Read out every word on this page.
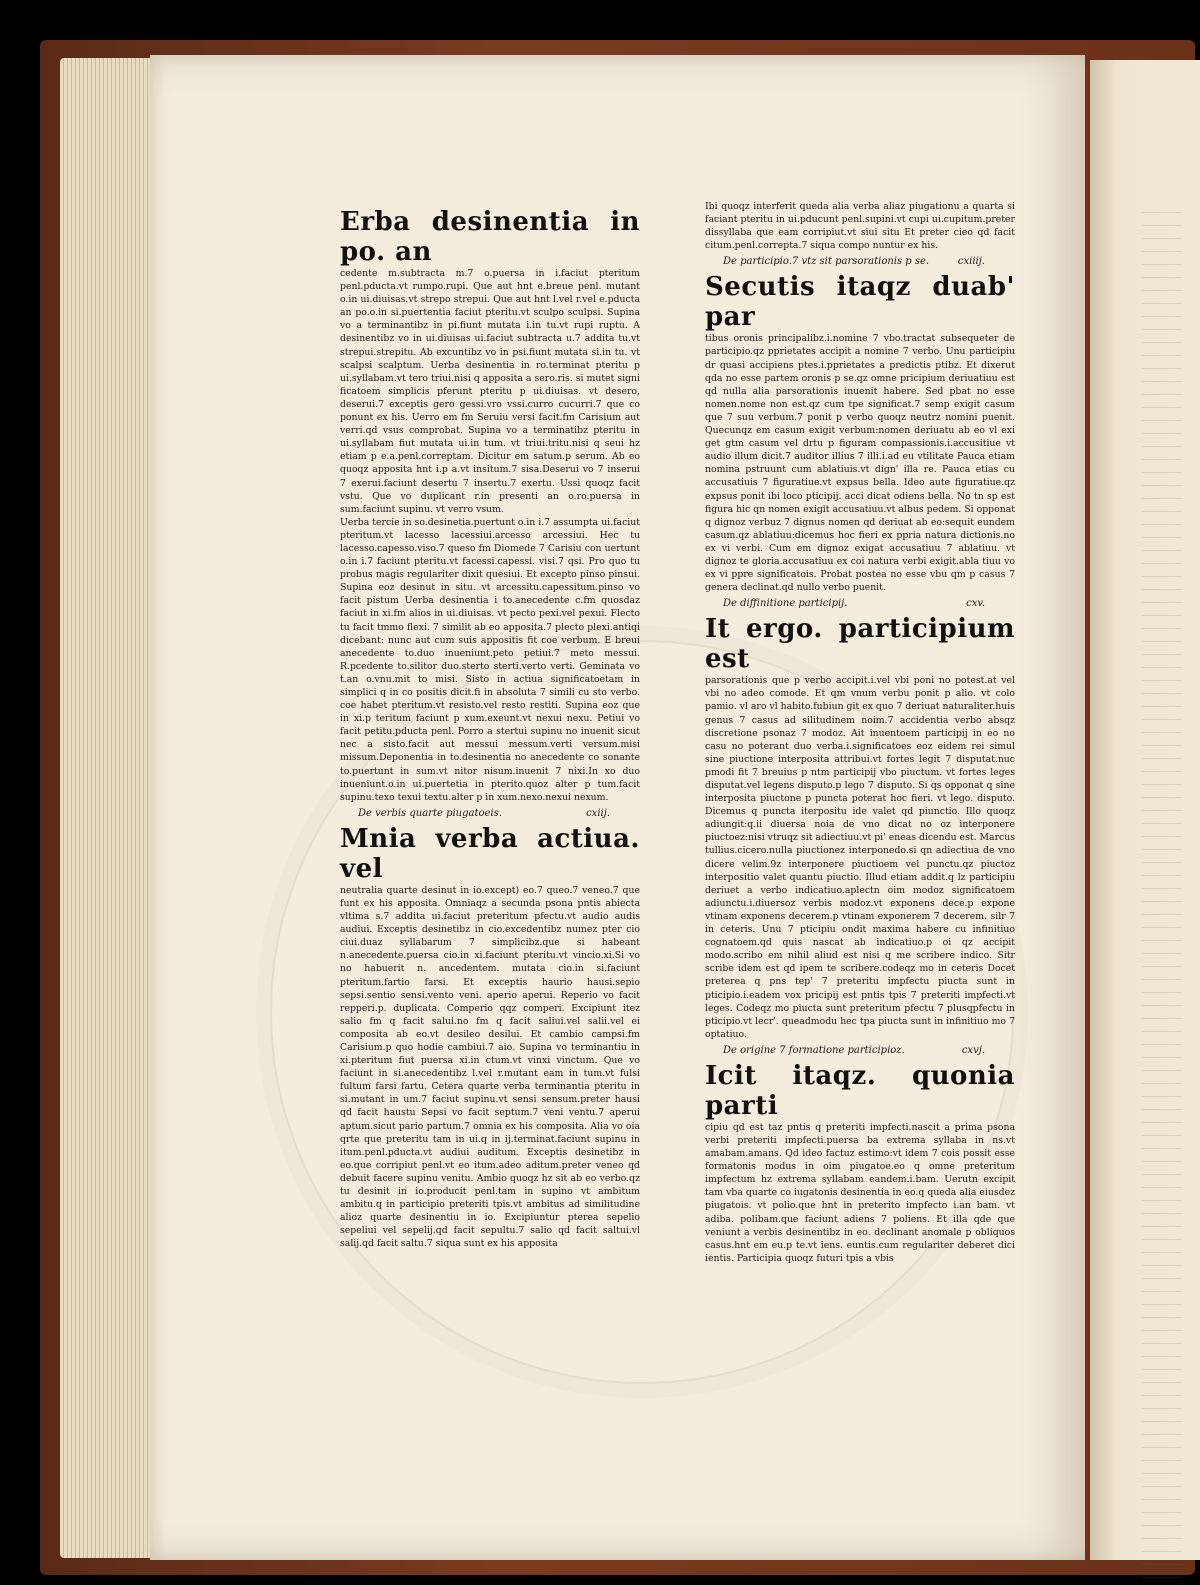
Erba desinentia in po. an

cedente m.subtracta m.7 o.puersa in i.faciut pteritum penl.pducta.vt rumpo.rupi. Que aut hnt e.breue penl. mutant o.in ui.diuisas.vt strepo strepui. Que aut hnt l.vel r.vel e.pducta an po.o.in si.puertentia faciut pteritu.vt sculpo sculpsi. Supina vo a terminantibz in pi.fiunt mutata i.in tu.vt rupi ruptu. A desinentibz vo in ui.diuisas ui.faciut subtracta u.7 addita tu.vt strepui.strepitu. Ab excuntibz vo in psi.fiunt mutata si.in tu. vt scalpsi scalptum. Uerba desinentia in ro.terminat pteritu p ui.syllabam.vt tero triui.nisi q apposita a sero.ris. si mutet signi ficatoem simplicis pferunt pteritu p ui.diuisas. vt desero, deserui.7 exceptis gero gessi.vro vssi.curro cucurri.7 que co ponunt ex his. Uerro em fm Seruiu versi facit.fm Carisium aut verri.qd vsus comprobat. Supina vo a terminatibz pteritu in ui.syllabam fiut mutata ui.in tum. vt triui.tritu.nisi q seui hz etiam p e.a.penl.correptam. Dicitur em satum.p serum. Ab eo quoqz apposita hnt i.p a.vt insitum.7 sisa.Deserui vo 7 inserui 7 exerui.faciunt desertu 7 insertu.7 exertu. Ussi quoqz facit vstu. Que vo duplicant r.in presenti an o.ro.puersa in sum.faciunt supinu. vt verro vsum.

Uerba tercie in so.desinetia.puertunt o.in i.7 assumpta ui.faciut pteritum.vt lacesso lacessiui.arcesso arcessiui. Hec tu lacesso.capesso.viso.7 queso fm Diomede 7 Carisiu con uertunt o.in i.7 faciunt pteritu.vt facessi.capessi. visi.7 qsi. Pro quo tu probus magis regulariter dixit quesiui. Et excepto pinso pinsui. Supina eoz desinut in situ. vt arcessitu.capessitum.pinso vo facit pistum Uerba desinentia i to.anecedente c.fm quosdaz faciut in xi.fm alios in ui.diuisas. vt pecto pexi.vel pexui. Flecto tu facit tmmo flexi. 7 similit ab eo apposita.7 plecto plexi.antiqi dicebant: nunc aut cum suis appositis fit coe verbum. E breui anecedente to.duo inueniunt.peto petiui.7 meto messui. R.pcedente to.silitor duo.sterto sterti.verto verti. Geminata vo t.an o.vnu.mit to misi. Sisto in actiua significatoetam in simplici q in co positis dicit.fi in absoluta 7 simili cu sto verbo. coe habet pteritum.vt resisto.vel resto restiti. Supina eoz que in xi.p teritum faciunt p xum.exeunt.vt nexui nexu. Petiui vo facit petitu.pducta penl. Porro a stertui supinu no inuenit sicut nec a sisto.facit aut messui messum.verti versum.misi missum.Deponentia in to.desinentia no anecedente co sonante to.puertunt in sum.vt nitor nisum.inuenit 7 nixi.In xo duo inueniunt.o.in ui.puertetia in pterito.quoz alter p tum.facit supinu.texo texui textu.alter p in xum.nexo.nexui nexum.

De verbis quarte piugatoeis.	cxiij.
Mnia verba actiua. vel

neutralia quarte desinut in io.except) eo.7 queo.7 veneo.7 que funt ex his apposita. Omniaqz a secunda psona pntis abiecta vltima s.7 addita ui.faciut preteritum pfectu.vt audio audis audiui. Exceptis desinetibz in cio.excedentibz numez pter cio ciui.duaz syllabarum 7 simplicibz.que si habeant n.anecedente.puersa cio.in xi.faciunt pteritu.vt vincio.xi.Si vo no habuerit n. ancedentem. mutata cio.in si.faciunt pteritum.fartio farsi. Et exceptis haurio hausi.sepio sepsi.sentio sensi.vento veni. aperio aperui. Reperio vo facit repperi.p. duplicata. Comperio qqz comperi. Excipiunt itez salio fm q facit salui.no fm q facit saliui.vel salii.vel ei composita ab eo.vt desileo desilui. Et cambio campsi.fm Carisium.p quo hodie cambiui.7 aio. Supina vo terminantiu in xi.pteritum fiut puersa xi.in ctum.vt vinxi vinctum. Que vo faciunt in si.anecedentibz l.vel r.mutant eam in tum.vt fulsi fultum farsi fartu. Cetera quarte verba terminantia pteritu in si.mutant in um.7 faciut supinu.vt sensi sensum.preter hausi qd facit haustu Sepsi vo facit septum.7 veni ventu.7 aperui aptum.sicut pario partum.7 omnia ex his composita. Alia vo oia qrte que preteritu tam in ui.q in ij.terminat.faciunt supinu in itum.penl.pducta.vt audiui auditum. Exceptis desinetibz in eo.que corripiut penl.vt eo itum.adeo aditum.preter veneo qd debuit facere supinu venitu. Ambio quoqz hz sit ab eo verbo.qz tu desinit in io.producit penl.tam in supino vt ambitum ambitu.q in participio preteriti tpis.vt ambitus ad similitudine alioz quarte desinentiu in io. Excipiuntur pterea sepelio sepeliui vel sepelij.qd facit sepultu.7 salio qd facit saltui.vl salij.qd facit saltu.7 siqua sunt ex his apposita

Ibi quoqz interferit queda alia verba aliaz piugationu a quarta si faciant pteritu in ui.pducunt penl.supini.vt cupi ui.cupitum.preter dissyllaba que eam corripiut.vt siui situ Et preter cieo qd facit citum.penl.correpta.7 siqua compo nuntur ex his.

De participio.7 vtz sit parsorationis p se.	cxiiij.
Secutis itaqz duab' par

tibus oronis principalibz.i.nomine 7 vbo.tractat subsequeter de participio.qz pprietates accipit a nomine 7 verbo. Unu participiu dr quasi accipiens ptes.i.pprietates a predictis ptibz. Et dixerut qda no esse partem oronis p se.qz omne pricipium deriuatiuu est qd nulla alia parsorationis inuenit habere. Sed pbat no esse nomen.nome non est.qz cum tpe significat.7 semp exigit casum que 7 suu verbum.7 ponit p verbo quoqz neutrz nomini puenit. Quecunqz em casum exigit verbum:nomen deriuatu ab eo vl exi get gtm casum vel drtu p figuram compassionis.i.accusitiue vt audio illum dicit.7 auditor illius 7 illi.i.ad eu vtilitate Pauca etiam nomina pstruunt cum ablatiuis.vt dign' illa re. Pauca etias cu accusatiuis 7 figuratiue.vt expsus bella. Ideo aute figuratiue.qz expsus ponit ibi loco pticipij. acci dicat odiens bella. No tn sp est figura hic qn nomen exigit accusatiuu.vt albus pedem. Si opponat q dignoz verbuz 7 dignus nomen qd deriuat ab eo:sequit eundem casum.qz ablatiuu:dicemus hoc fieri ex ppria natura dictionis.no ex vi verbi. Cum em dignoz exigat accusatiuu 7 ablatiuu. vt dignoz te gloria.accusatiuu ex coi natura verbi exigit.abla tiuu vo ex vi ppre significatois. Probat postea no esse vbu qm p casus 7 genera declinat.qd nullo verbo puenit.

De diffinitione participij.	cxv.
It ergo. participium est

parsorationis que p verbo accipit.i.vel vbi poni no potest.at vel vbi no adeo comode. Et qm vnum verbu ponit p alio. vt colo pamio. vl aro vl habito.fubiun git ex quo 7 deriuat naturaliter.huis genus 7 casus ad silitudinem noim.7 accidentia verbo absqz discretione psonaz 7 modoz. Ait inuentoem participij in eo no casu no poterant duo verba.i.significatoes eoz eidem rei simul sine piuctione interposita attribui.vt fortes legit 7 disputat.nuc pmodi fit 7 breuius p ntm participij vbo piuctum. vt fortes leges disputat.vel legens disputo.p lego 7 disputo. Si qs opponat q sine interposita piuctone p puncta poterat hoc fieri. vt lego. disputo. Dicemus q puncta iterpositu ide valet qd piunctio. Illo quoqz adiungit:q.ii diuersa noia de vno dicat no oz interponere piuctoez:nisi vtruqz sit adiectiuu.vt pi' eneas dicendu est. Marcus tullius.cicero.nulla piuctionez interponedo.si qn adiectiua de vno dicere velim.9z interponere piuctioem vel punctu.qz piuctoz interpositio valet quantu piuctio. Illud etiam addit.q lz participiu deriuet a verbo indicatiuo.aplectn oim modoz significatoem adiunctu.i.diuersoz verbis modoz.vt exponens dece.p expone vtinam exponens decerem.p vtinam exponerem 7 decerem. silr 7 in ceteris. Unu 7 pticipiu ondit maxima habere cu infinitiuo cognatoem.qd quis nascat ab indicatiuo.p oi qz accipit modo.scribo em nihil aliud est nisi q me scribere indico. Sitr scribe idem est qd ipem te scribere.codeqz mo in ceteris Docet preterea q pns tep' 7 preteritu impfectu piucta sunt in pticipio.i.eadem vox pricipij est pntis tpis 7 preteriti impfecti.vt leges. Codeqz mo piucta sunt preteritum pfectu 7 plusqpfectu in pticipio.vt lecr'. queadmodu hec tpa piucta sunt in infinitiuo mo 7 optatiuo.

De origine 7 formatione participioz.	cxvj.
Icit itaqz. quonia parti

cipiu qd est taz pntis q preteriti impfecti.nascit a prima psona verbi preteriti impfecti.puersa ba extrema syllaba in ns.vt amabam.amans. Qd ideo factuz estimo:vt idem 7 cois possit esse formatonis modus in oim piugatoe.eo q omne preteritum impfectum hz extrema syllabam eandem.i.bam. Uerutn excipit tam vba quarte co iugatonis desinentia in eo.q queda alia eiusdez piugatois. vt polio.que hnt in preterito impfecto i.an bam. vt adiba. polibam.que faciunt adiens 7 poliens. Et illa qde que veniunt a verbis desinentibz in eo. declinant anomale p obliquos casus.hnt em eu.p te.vt iens. euntis.cum regulariter deberet dici ientis. Participia quoqz futuri tpis a vbis
